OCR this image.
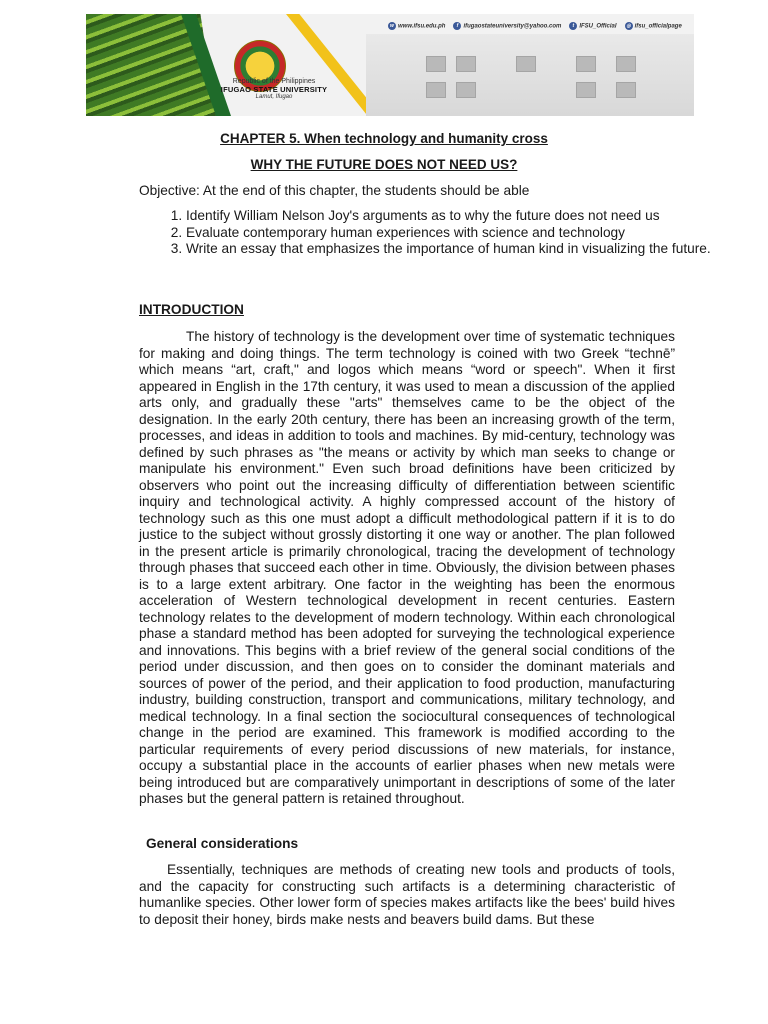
Republic of the Philippines
IFUGAO STATE UNIVERSITY
Lamut, Ifugao
w www.ifsu.edu.ph	f ifugaostateuniversity@yahoo.com	t IFSU_Official	◎ ifsu_officialpage
CHAPTER 5. When technology and humanity cross
WHY THE FUTURE DOES NOT NEED US?
Objective: At the end of this chapter, the students should be able
1. Identify William Nelson Joy's arguments as to why the future does not need us
2. Evaluate contemporary human experiences with science and technology
3. Write an essay that emphasizes the importance of human kind in visualizing the future.
INTRODUCTION
The history of technology is the development over time of systematic techniques for making and doing things. The term technology is coined with two Greek “technē” which means “art, craft," and logos which means “word or speech". When it first appeared in English in the 17th century, it was used to mean a discussion of the applied arts only, and gradually these "arts" themselves came to be the object of the designation. In the early 20th century, there has been an increasing growth of the term, processes, and ideas in addition to tools and machines. By mid-century, technology was defined by such phrases as "the means or activity by which man seeks to change or manipulate his environment." Even such broad definitions have been criticized by observers who point out the increasing difficulty of differentiation between scientific inquiry and technological activity. A highly compressed account of the history of technology such as this one must adopt a difficult methodological pattern if it is to do justice to the subject without grossly distorting it one way or another. The plan followed in the present article is primarily chronological, tracing the development of technology through phases that succeed each other in time. Obviously, the division between phases is to a large extent arbitrary. One factor in the weighting has been the enormous acceleration of Western technological development in recent centuries. Eastern technology relates to the development of modern technology. Within each chronological phase a standard method has been adopted for surveying the technological experience and innovations. This begins with a brief review of the general social conditions of the period under discussion, and then goes on to consider the dominant materials and sources of power of the period, and their application to food production, manufacturing industry, building construction, transport and communications, military technology, and medical technology. In a final section the sociocultural consequences of technological change in the period are examined. This framework is modified according to the particular requirements of every period discussions of new materials, for instance, occupy a substantial place in the accounts of earlier phases when new metals were being introduced but are comparatively unimportant in descriptions of some of the later phases but the general pattern is retained throughout.
General considerations
Essentially, techniques are methods of creating new tools and products of tools, and the capacity for constructing such artifacts is a determining characteristic of humanlike species. Other lower form of species makes artifacts like the bees' build hives to deposit their honey, birds make nests and beavers build dams. But these
